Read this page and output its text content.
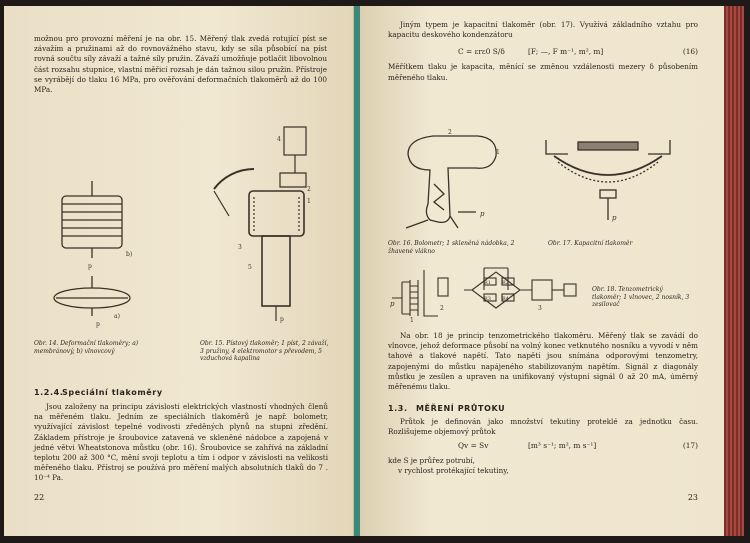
možnou pro provozní měření je na obr. 15. Měřený tlak zvedá rotující píst se závažím a pružinami až do rovnovážného stavu, kdy se síla působící na píst rovná součtu síly závaží a tažné síly pružin. Závaží umožňuje potlačit libovolnou část rozsahu stupnice, vlastní měřicí rozsah je dán tažnou silou pružin. Přístroje se vyrábějí do tlaku 16 MPa, pro ověřování deformačních tlakoměrů až do 100 MPa.

b)
p
a)
p
4
2
1
3
5
p
Obr. 14. Deformační tlakoměry; a) membránový, b) vlnovcový
Obr. 15. Pístový tlakoměr; 1 píst, 2 závaží, 3 pružiny, 4 elektromotor s převodem, 5 vzduchová kapalina
1.2.4.Speciální tlakoměry

Jsou založeny na principu závislosti elektrických vlastností vhodných členů na měřeném tlaku. Jedním ze speciálních tlakoměrů je např. bolometr, využívající závislost tepelné vodivosti zředěných plynů na stupni zředění. Základem přístroje je šroubovice zatavená ve skleněné nádobce a zapojená v jedné větvi Wheatstonova můstku (obr. 16). Šroubovice se zahřívá na základní teplotu 200 až 300 °C, mění svoji teplotu a tím i odpor v závislosti na velikosti měřeného tlaku. Přístroj se používá pro měření malých absolutních tlaků do 7 . 10⁻⁴ Pa.

22

Jiným typem je kapacitní tlakoměr (obr. 17). Využívá základního vztahu pro kapacitu deskového kondenzátoru

C = εrε0 S/δ	[F; —, F m⁻¹, m², m]	(16)

Měřítkem tlaku je kapacita, měnící se změnou vzdálenosti mezery δ působením měřeného tlaku.

2
1
p	p
Obr. 16. Bolometr; 1 skleněná nádobka, 2 žhavené vlákno
Obr. 17. Kapacitní tlakoměr
p
R1 R2
R3 R4
1
2	3
Obr. 18. Tenzometrický tlakoměr; 1 vlnovec, 2 nosník, 3 zesilovač

Na obr. 18 je princip tenzometrického tlakoměru. Měřený tlak se zavádí do vlnovce, jehož deformace působí na volný konec vetknutého nosníku a vyvodí v něm tahové a tlakové napětí. Tato napětí jsou snímána odporovými tenzometry, zapojenými do můstku napájeného stabilizovaným napětím. Signál z diagonály můstku je zesílen a upraven na unifikovaný výstupní signál 0 až 20 mA, úměrný měřenému tlaku.

1.3. MĚŘENÍ PRŮTOKU

Průtok je definován jako množství tekutiny proteklé za jednotku času. Rozlišujeme objemový průtok

Qv = Sv	[m³ s⁻¹; m², m s⁻¹]	(17)

kde S je průřez potrubí,

v rychlost protékající tekutiny,

23
